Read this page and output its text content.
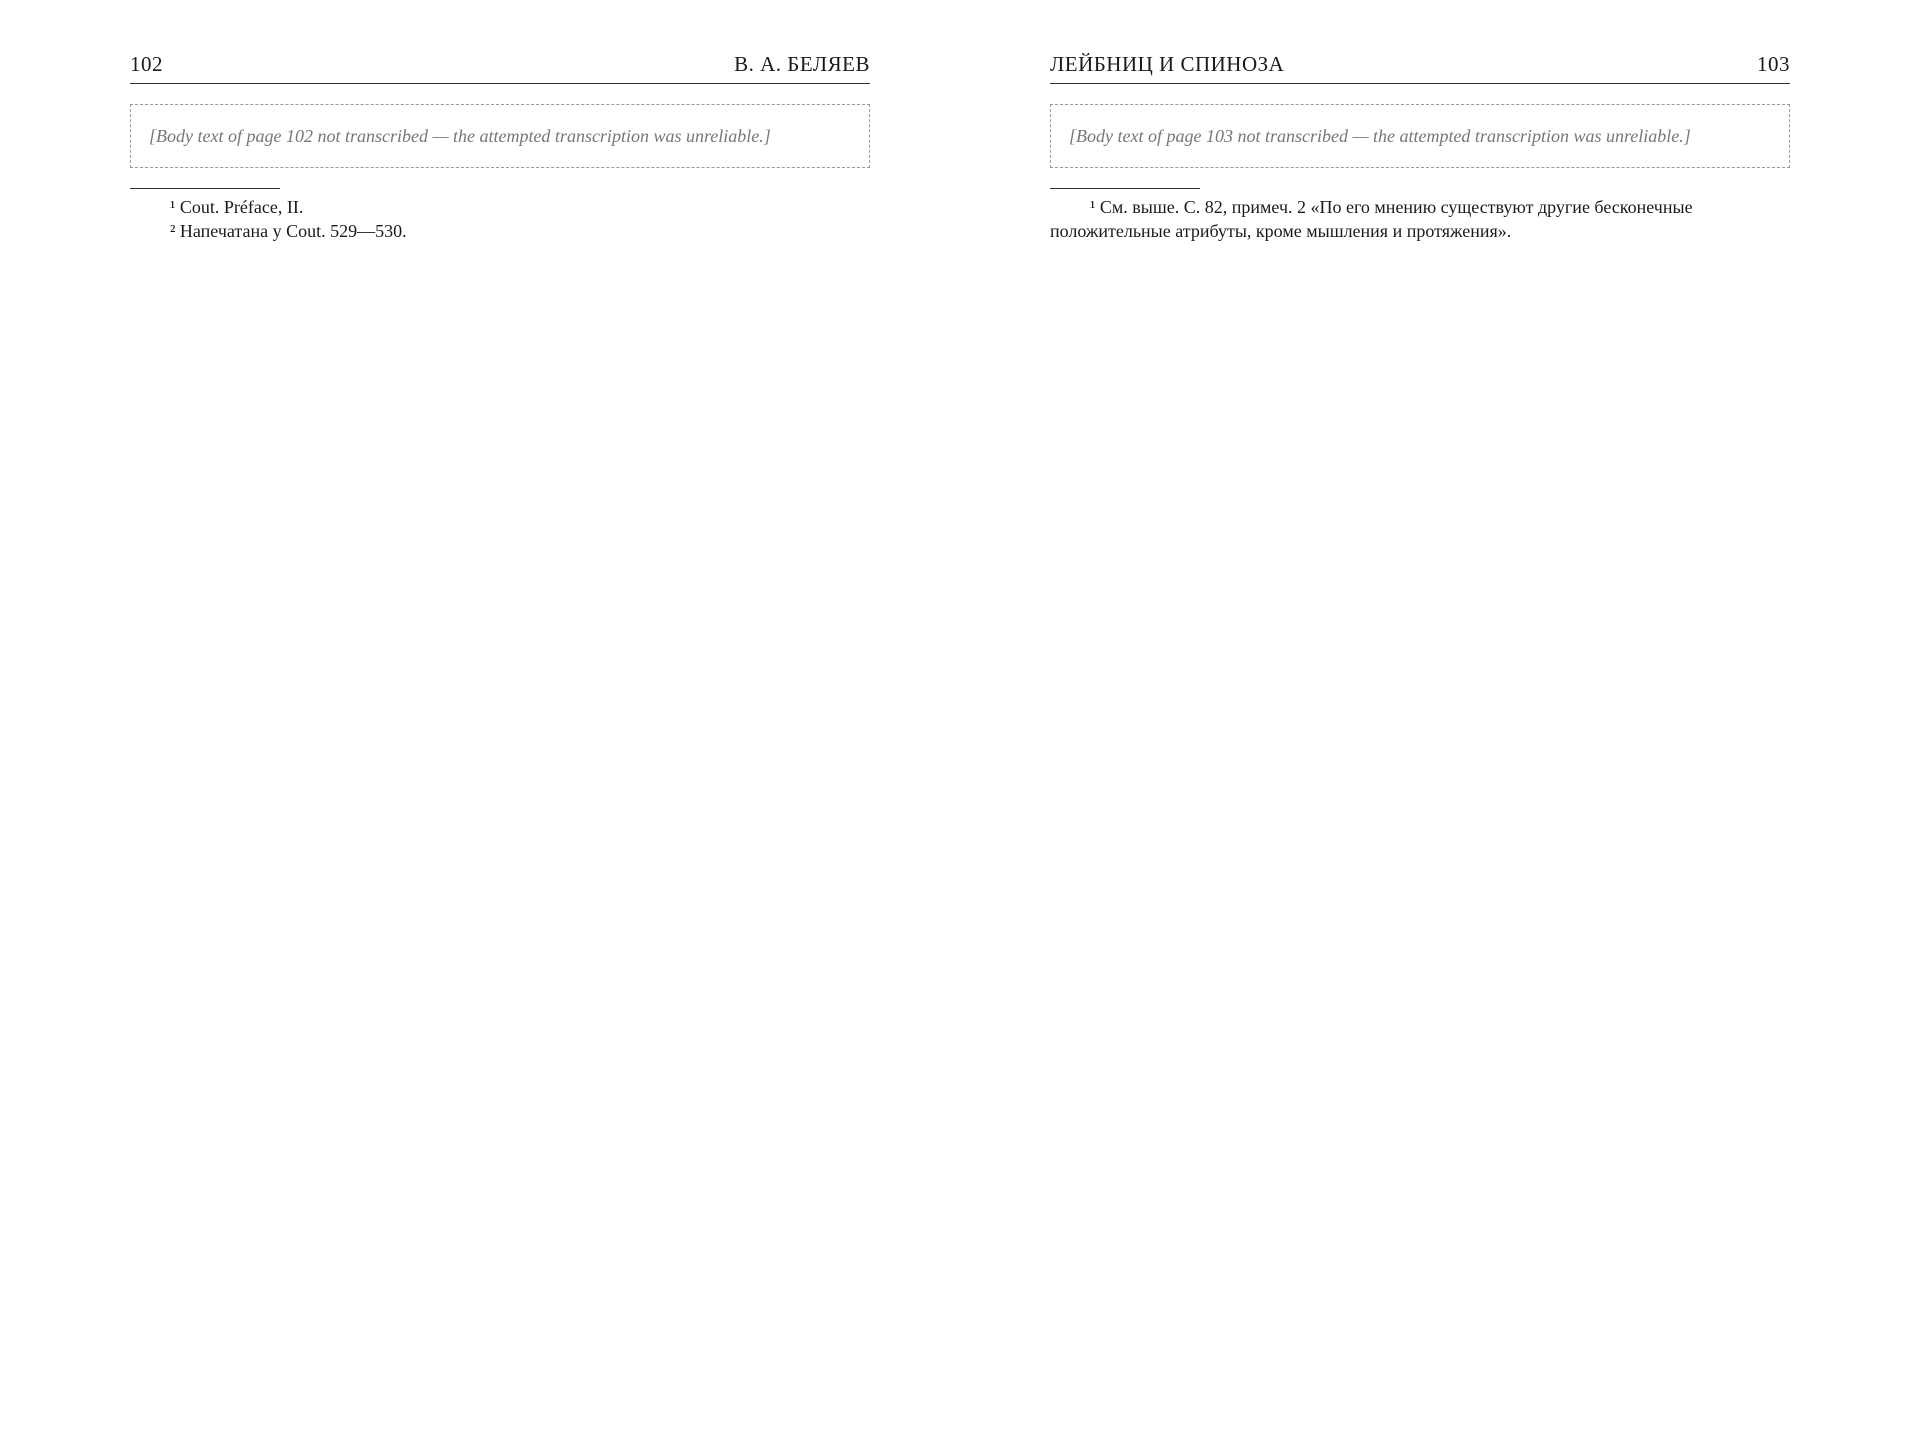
102	В. А. БЕЛЯЕВ

[Body text of page 102 not transcribed — the attempted transcription was unreliable.]

¹ Cout. Préface, II.

² Напечатана у Cout. 529—530.

ЛЕЙБНИЦ И СПИНОЗА	103

[Body text of page 103 not transcribed — the attempted transcription was unreliable.]

¹ См. выше. С. 82, примеч. 2 «По его мнению существуют другие бесконечные положительные атрибуты, кроме мышления и протяжения».
